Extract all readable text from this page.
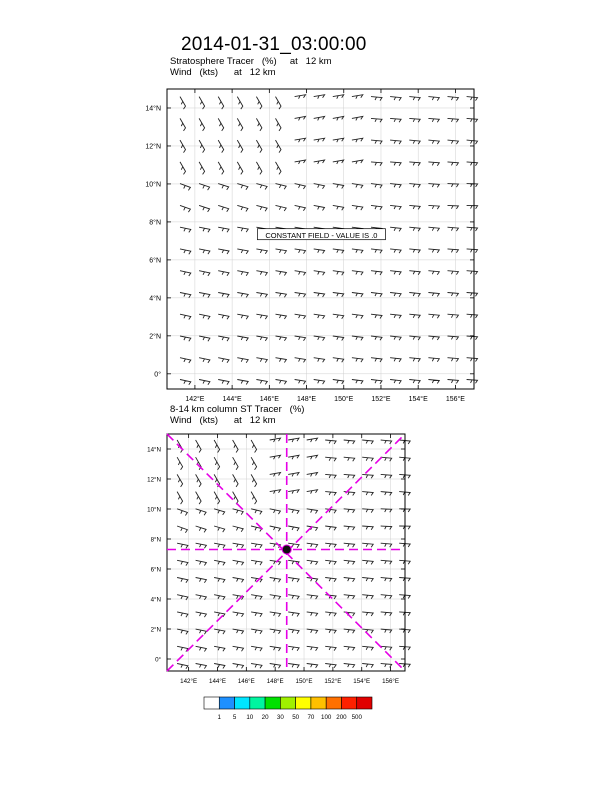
2014-01-31_03:00:00
Stratosphere Tracer   (%)     at   12 km
Wind   (kts)      at   12 km
8-14 km column ST Tracer   (%)
Wind   (kts)      at   12 km
142°E	144°E	146°E	148°E	150°E	152°E	154°E	156°E
0°
2°N
4°N
6°N
8°N
10°N
12°N
14°N
CONSTANT FIELD - VALUE IS .0
142°E 144°E 146°E 148°E 150°E 152°E 154°E 156°E
0°
2°N
4°N
6°N
8°N
10°N
12°N
14°N
1 5 10 20 30 50 70 100 200 500
